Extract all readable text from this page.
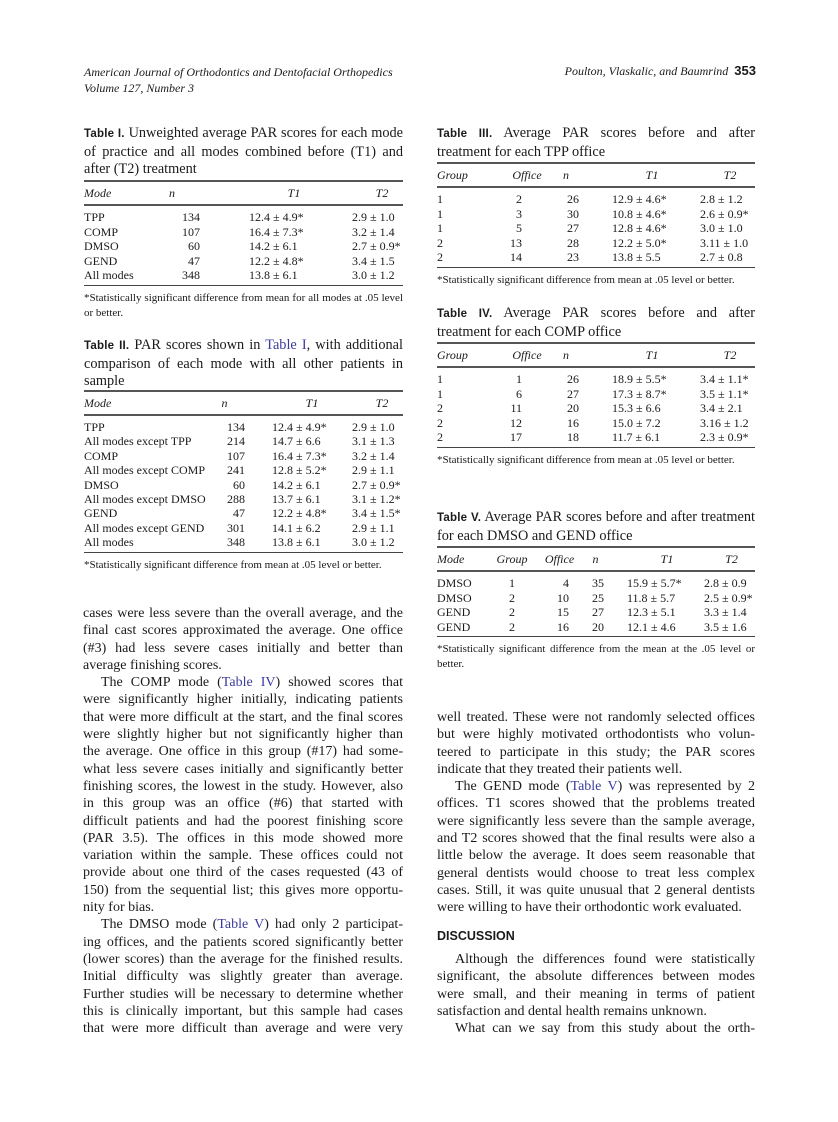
American Journal of Orthodontics and Dentofacial Orthopedics
Volume 127, Number 3
Poulton, Vlaskalic, and Baumrind 353
Table I. Unweighted average PAR scores for each mode of practice and all modes combined before (T1) and after (T2) treatment
Mode	n	T1	T2
TPP	134	12.4 ± 4.9*	2.9 ± 1.0
COMP	107	16.4 ± 7.3*	3.2 ± 1.4
DMSO	60	14.2 ± 6.1	2.7 ± 0.9*
GEND	47	12.2 ± 4.8*	3.4 ± 1.5
All modes	348	13.8 ± 6.1	3.0 ± 1.2
*Statistically significant difference from mean for all modes at .05 level or better.
Table II. PAR scores shown in Table I, with additional comparison of each mode with all other patients in sample
Mode	n	T1	T2
TPP	134 12.4 ± 4.9*	2.9 ± 1.0
All modes except TPP	214 14.7 ± 6.6	3.1 ± 1.3
COMP	107 16.4 ± 7.3*	3.2 ± 1.4
All modes except COMP	241 12.8 ± 5.2*	2.9 ± 1.1
DMSO	60 14.2 ± 6.1	2.7 ± 0.9*
All modes except DMSO	288 13.7 ± 6.1	3.1 ± 1.2*
GEND	47 12.2 ± 4.8*	3.4 ± 1.5*
All modes except GEND	301 14.1 ± 6.2	2.9 ± 1.1
All modes	348 13.8 ± 6.1	3.0 ± 1.2
*Statistically significant difference from mean at .05 level or better.
Table III. Average PAR scores before and after treatment for each TPP office
Group	Office	n	T1	T2
1	2	26	12.9 ± 4.6*	2.8 ± 1.2
1	3	30	10.8 ± 4.6*	2.6 ± 0.9*
1	5	27	12.8 ± 4.6*	3.0 ± 1.0
2	13	28	12.2 ± 5.0*	3.11 ± 1.0
2	14	23	13.8 ± 5.5	2.7 ± 0.8
*Statistically significant difference from mean at .05 level or better.
Table IV. Average PAR scores before and after treatment for each COMP office
Group	Office	n	T1	T2
1	1	26	18.9 ± 5.5*	3.4 ± 1.1*
1	6	27	17.3 ± 8.7*	3.5 ± 1.1*
2	11	20	15.3 ± 6.6	3.4 ± 2.1
2	12	16	15.0 ± 7.2	3.16 ± 1.2
2	17	18	11.7 ± 6.1	2.3 ± 0.9*
*Statistically significant difference from mean at .05 level or better.
Table V. Average PAR scores before and after treatment for each DMSO and GEND office
Mode	Group	Office	n	T1	T2
DMSO	1	4	35 15.9 ± 5.7*	2.8 ± 0.9
DMSO	2	10	25 11.8 ± 5.7	2.5 ± 0.9*
GEND	2	15	27 12.3 ± 5.1	3.3 ± 1.4
GEND	2	16	20 12.1 ± 4.6	3.5 ± 1.6
*Statistically significant difference from the mean at the .05 level or better.
cases were less severe than the overall average, and the
final cast scores approximated the average. One office
(#3) had less severe cases initially and better than
average finishing scores.
The COMP mode (Table IV) showed scores that
were significantly higher initially, indicating patients
that were more difficult at the start, and the final scores
were slightly higher but not significantly higher than
the average. One office in this group (#17) had some-
what less severe cases initially and significantly better
finishing scores, the lowest in the study. However, also
in this group was an office (#6) that started with
difficult patients and had the poorest finishing score
(PAR 3.5). The offices in this mode showed more
variation within the sample. These offices could not
provide about one third of the cases requested (43 of
150) from the sequential list; this gives more opportu-
nity for bias.
The DMSO mode (Table V) had only 2 participat-
ing offices, and the patients scored significantly better
(lower scores) than the average for the finished results.
Initial difficulty was slightly greater than average.
Further studies will be necessary to determine whether
this is clinically important, but this sample had cases
that were more difficult than average and were very
well treated. These were not randomly selected offices
but were highly motivated orthodontists who volun-
teered to participate in this study; the PAR scores
indicate that they treated their patients well.
The GEND mode (Table V) was represented by 2
offices. T1 scores showed that the problems treated
were significantly less severe than the sample average,
and T2 scores showed that the final results were also a
little below the average. It does seem reasonable that
general dentists would choose to treat less complex
cases. Still, it was quite unusual that 2 general dentists
were willing to have their orthodontic work evaluated.
DISCUSSION
Although the differences found were statistically
significant, the absolute differences between modes
were small, and their meaning in terms of patient
satisfaction and dental health remains unknown.
What can we say from this study about the orth-
